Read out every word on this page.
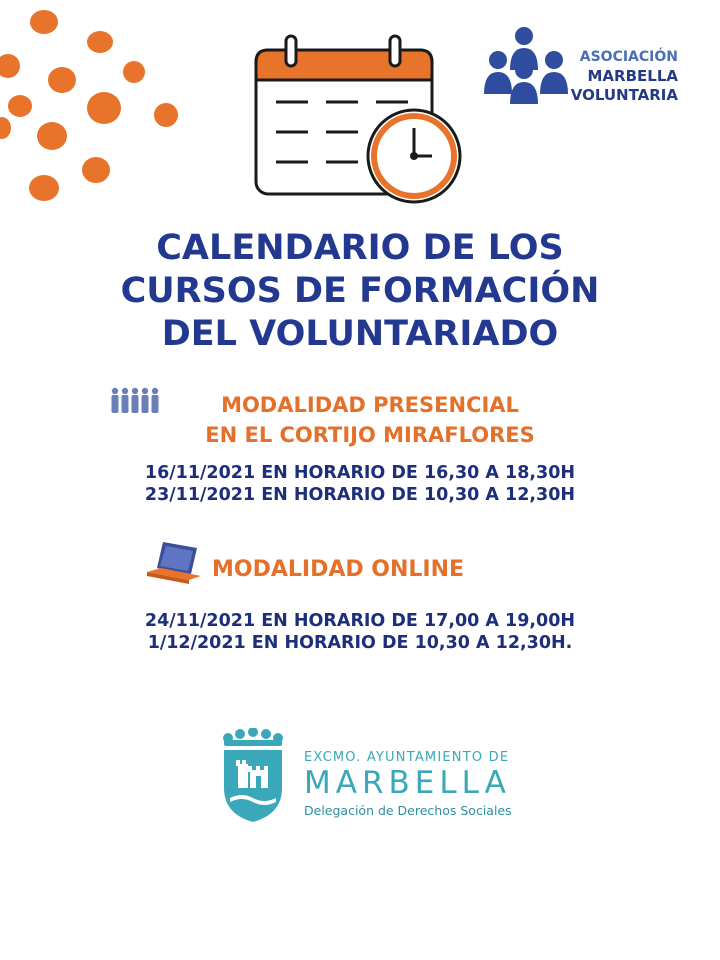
ASOCIACIÓN
MARBELLA
VOLUNTARIA
CALENDARIO DE LOS
CURSOS DE FORMACIÓN
DEL VOLUNTARIADO
MODALIDAD PRESENCIAL
EN EL CORTIJO MIRAFLORES
16/11/2021 EN HORARIO DE 16,30 A 18,30H
23/11/2021 EN HORARIO DE 10,30 A 12,30H
MODALIDAD ONLINE
24/11/2021 EN HORARIO DE 17,00 A 19,00H
1/12/2021 EN HORARIO DE 10,30 A 12,30H.
EXCMO. AYUNTAMIENTO DE
MARBELLA
Delegación de Derechos Sociales
